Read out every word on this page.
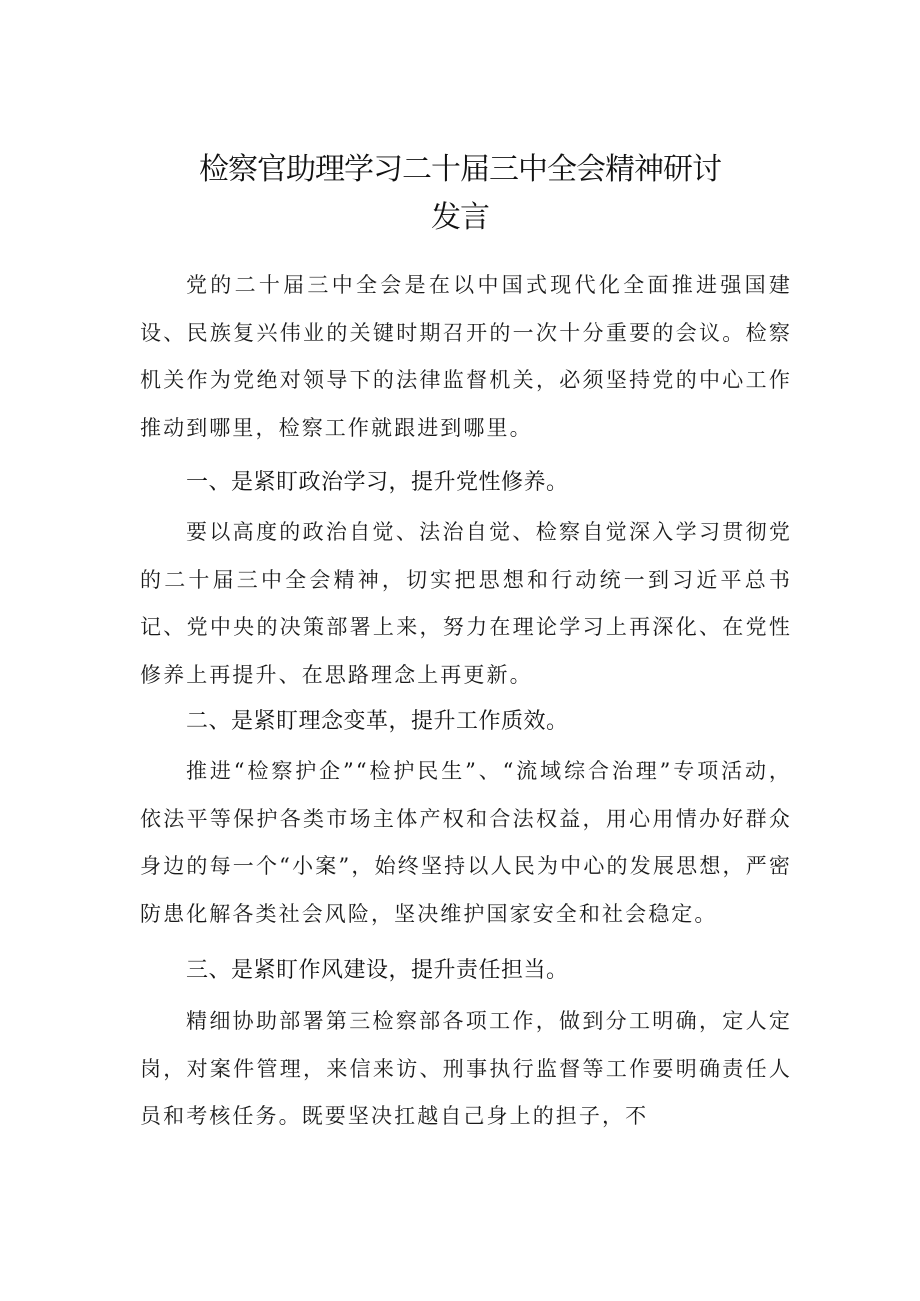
检察官助理学习二十届三中全会精神研讨
发言

党的二十届三中全会是在以中国式现代化全面推进强国建设、民族复兴伟业的关键时期召开的一次十分重要的会议。检察机关作为党绝对领导下的法律监督机关，必须坚持党的中心工作推动到哪里，检察工作就跟进到哪里。

一、是紧盯政治学习，提升党性修养。

要以高度的政治自觉、法治自觉、检察自觉深入学习贯彻党的二十届三中全会精神，切实把思想和行动统一到习近平总书记、党中央的决策部署上来，努力在理论学习上再深化、在党性修养上再提升、在思路理念上再更新。

二、是紧盯理念变革，提升工作质效。

推进“检察护企”“检护民生”、“流域综合治理”专项活动，依法平等保护各类市场主体产权和合法权益，用心用情办好群众身边的每一个“小案”，始终坚持以人民为中心的发展思想，严密防患化解各类社会风险，坚决维护国家安全和社会稳定。

三、是紧盯作风建设，提升责任担当。

精细协助部署第三检察部各项工作，做到分工明确，定人定岗，对案件管理，来信来访、刑事执行监督等工作要明确责任人员和考核任务。既要坚决扛越自己身上的担子，不
